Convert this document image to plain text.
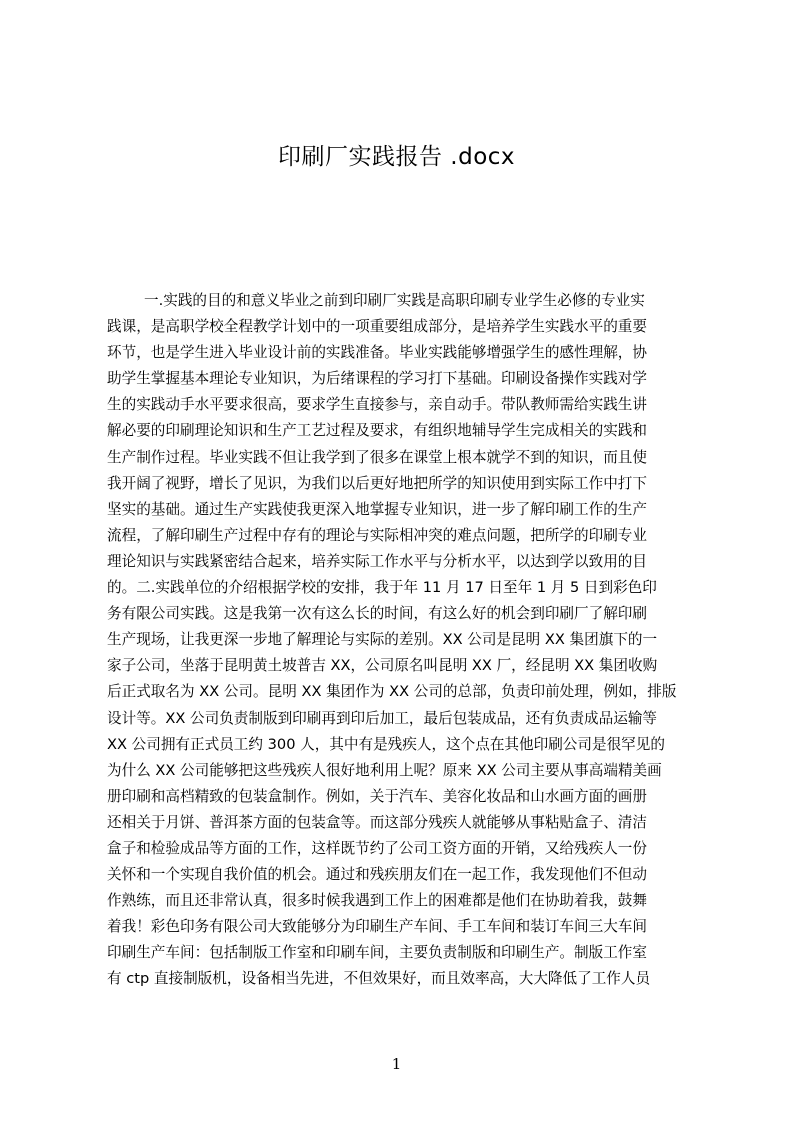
印刷厂实践报告 .docx
一.实践的目的和意义毕业之前到印刷厂实践是高职印刷专业学生必修的专业实
践课，是高职学校全程教学计划中的一项重要组成部分，是培养学生实践水平的重要
环节，也是学生进入毕业设计前的实践准备。毕业实践能够增强学生的感性理解，协
助学生掌握基本理论专业知识，为后绪课程的学习打下基础。印刷设备操作实践对学
生的实践动手水平要求很高，要求学生直接参与，亲自动手。带队教师需给实践生讲
解必要的印刷理论知识和生产工艺过程及要求，有组织地辅导学生完成相关的实践和
生产制作过程。毕业实践不但让我学到了很多在课堂上根本就学不到的知识，而且使
我开阔了视野，增长了见识，为我们以后更好地把所学的知识使用到实际工作中打下
坚实的基础。通过生产实践使我更深入地掌握专业知识，进一步了解印刷工作的生产
流程，了解印刷生产过程中存有的理论与实际相冲突的难点问题，把所学的印刷专业
理论知识与实践紧密结合起来，培养实际工作水平与分析水平，以达到学以致用的目
的。二.实践单位的介绍根据学校的安排，我于年 11 月 17 日至年 1 月 5 日到彩色印
务有限公司实践。这是我第一次有这么长的时间，有这么好的机会到印刷厂了解印刷
生产现场，让我更深一步地了解理论与实际的差别。XX 公司是昆明 XX 集团旗下的一
家子公司，坐落于昆明黄土坡普吉 XX，公司原名叫昆明 XX 厂，经昆明 XX 集团收购
后正式取名为 XX 公司。昆明 XX 集团作为 XX 公司的总部，负责印前处理，例如，排版
设计等。XX 公司负责制版到印刷再到印后加工，最后包装成品，还有负责成品运输等
XX 公司拥有正式员工约 300 人，其中有是残疾人，这个点在其他印刷公司是很罕见的
为什么 XX 公司能够把这些残疾人很好地利用上呢？原来 XX 公司主要从事高端精美画
册印刷和高档精致的包装盒制作。例如，关于汽车、美容化妆品和山水画方面的画册
还相关于月饼、普洱茶方面的包装盒等。而这部分残疾人就能够从事粘贴盒子、清洁
盒子和检验成品等方面的工作，这样既节约了公司工资方面的开销，又给残疾人一份
关怀和一个实现自我价值的机会。通过和残疾朋友们在一起工作，我发现他们不但动
作熟练，而且还非常认真，很多时候我遇到工作上的困难都是他们在协助着我，鼓舞
着我！彩色印务有限公司大致能够分为印刷生产车间、手工车间和装订车间三大车间
印刷生产车间：包括制版工作室和印刷车间，主要负责制版和印刷生产。制版工作室
有 ctp 直接制版机，设备相当先进，不但效果好，而且效率高，大大降低了工作人员
1
